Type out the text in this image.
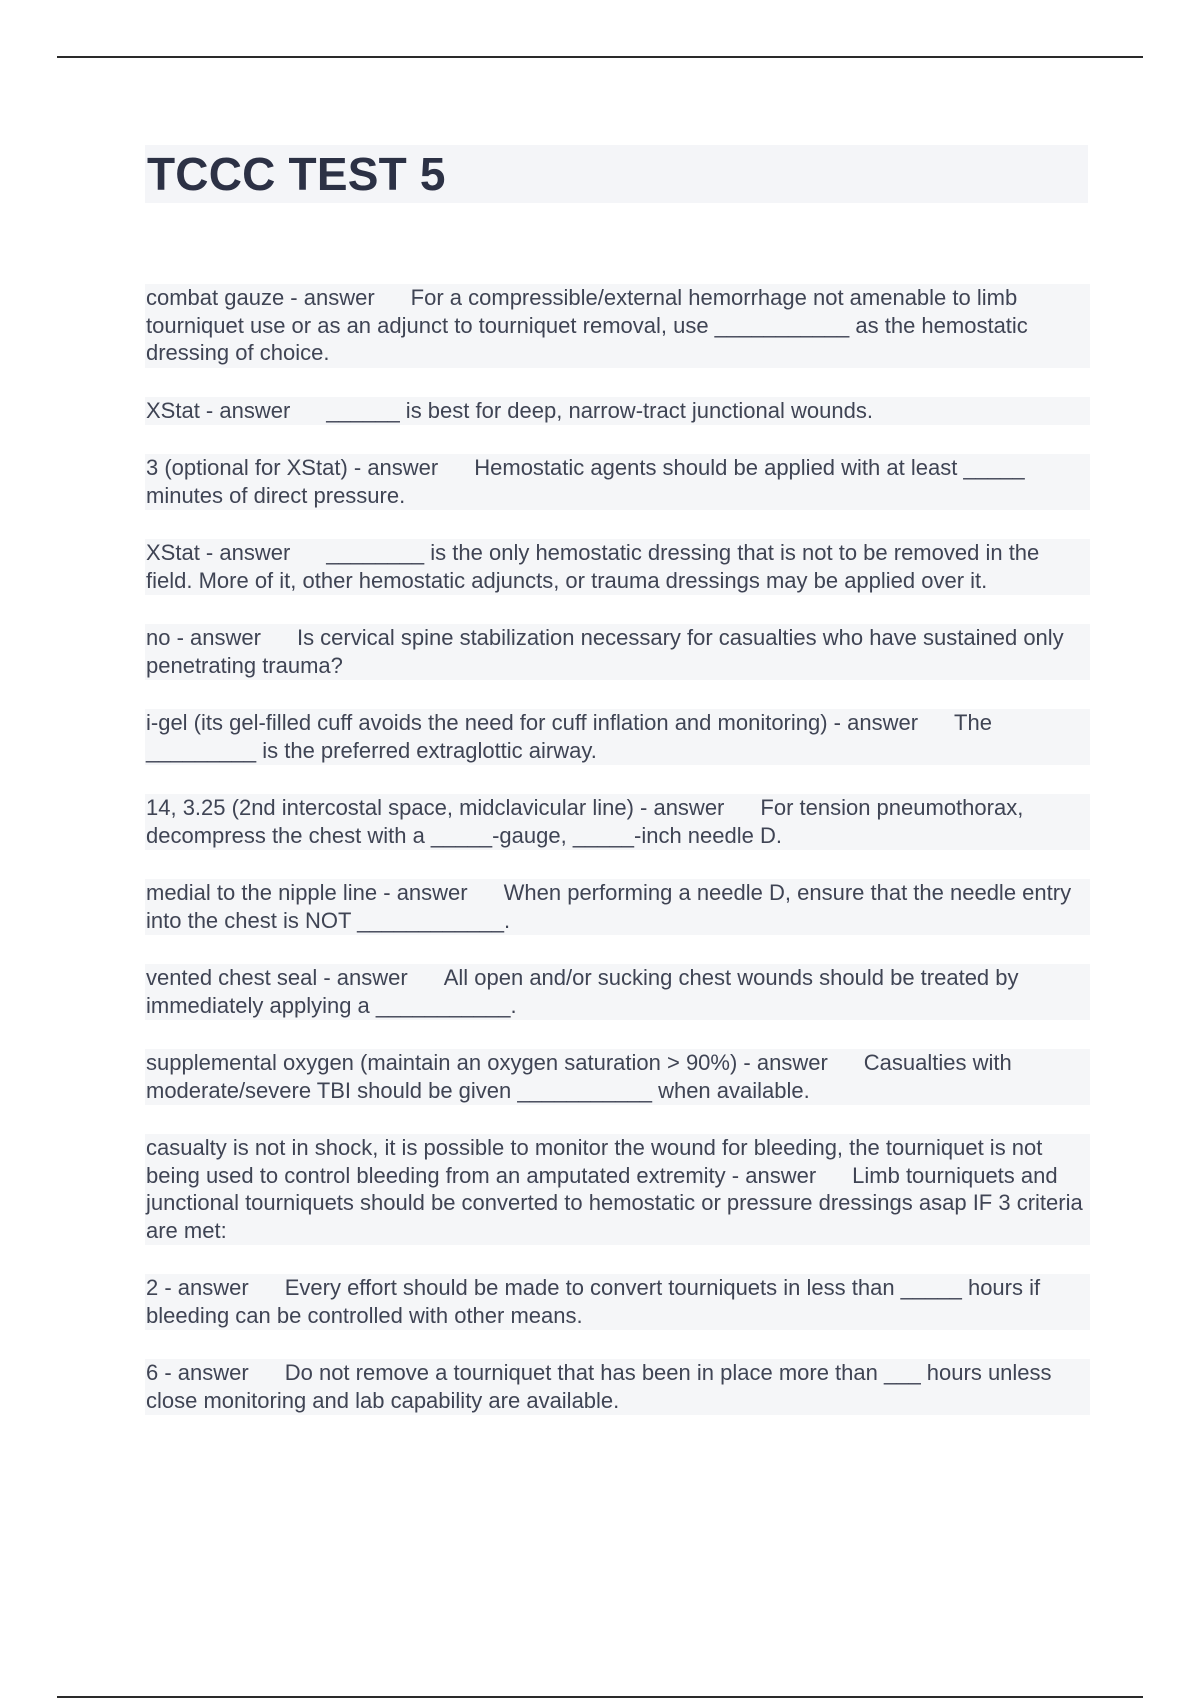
TCCC TEST 5

combat gauze - answer For a compressible/external hemorrhage not amenable to limb tourniquet use or as an adjunct to tourniquet removal, use ___________ as the hemostatic dressing of choice.

XStat - answer ______ is best for deep, narrow-tract junctional wounds.

3 (optional for XStat) - answer Hemostatic agents should be applied with at least _____ minutes of direct pressure.

XStat - answer ________ is the only hemostatic dressing that is not to be removed in the field. More of it, other hemostatic adjuncts, or trauma dressings may be applied over it.

no - answer Is cervical spine stabilization necessary for casualties who have sustained only penetrating trauma?

i-gel (its gel-filled cuff avoids the need for cuff inflation and monitoring) - answer The _________ is the preferred extraglottic airway.

14, 3.25 (2nd intercostal space, midclavicular line) - answer For tension pneumothorax, decompress the chest with a _____-gauge, _____-inch needle D.

medial to the nipple line - answer When performing a needle D, ensure that the needle entry into the chest is NOT ____________.

vented chest seal - answer All open and/or sucking chest wounds should be treated by immediately applying a ___________.

supplemental oxygen (maintain an oxygen saturation > 90%) - answer Casualties with moderate/severe TBI should be given ___________ when available.

casualty is not in shock, it is possible to monitor the wound for bleeding, the tourniquet is not being used to control bleeding from an amputated extremity - answer Limb tourniquets and junctional tourniquets should be converted to hemostatic or pressure dressings asap IF 3 criteria are met:

2 - answer Every effort should be made to convert tourniquets in less than _____ hours if bleeding can be controlled with other means.

6 - answer Do not remove a tourniquet that has been in place more than ___ hours unless close monitoring and lab capability are available.
